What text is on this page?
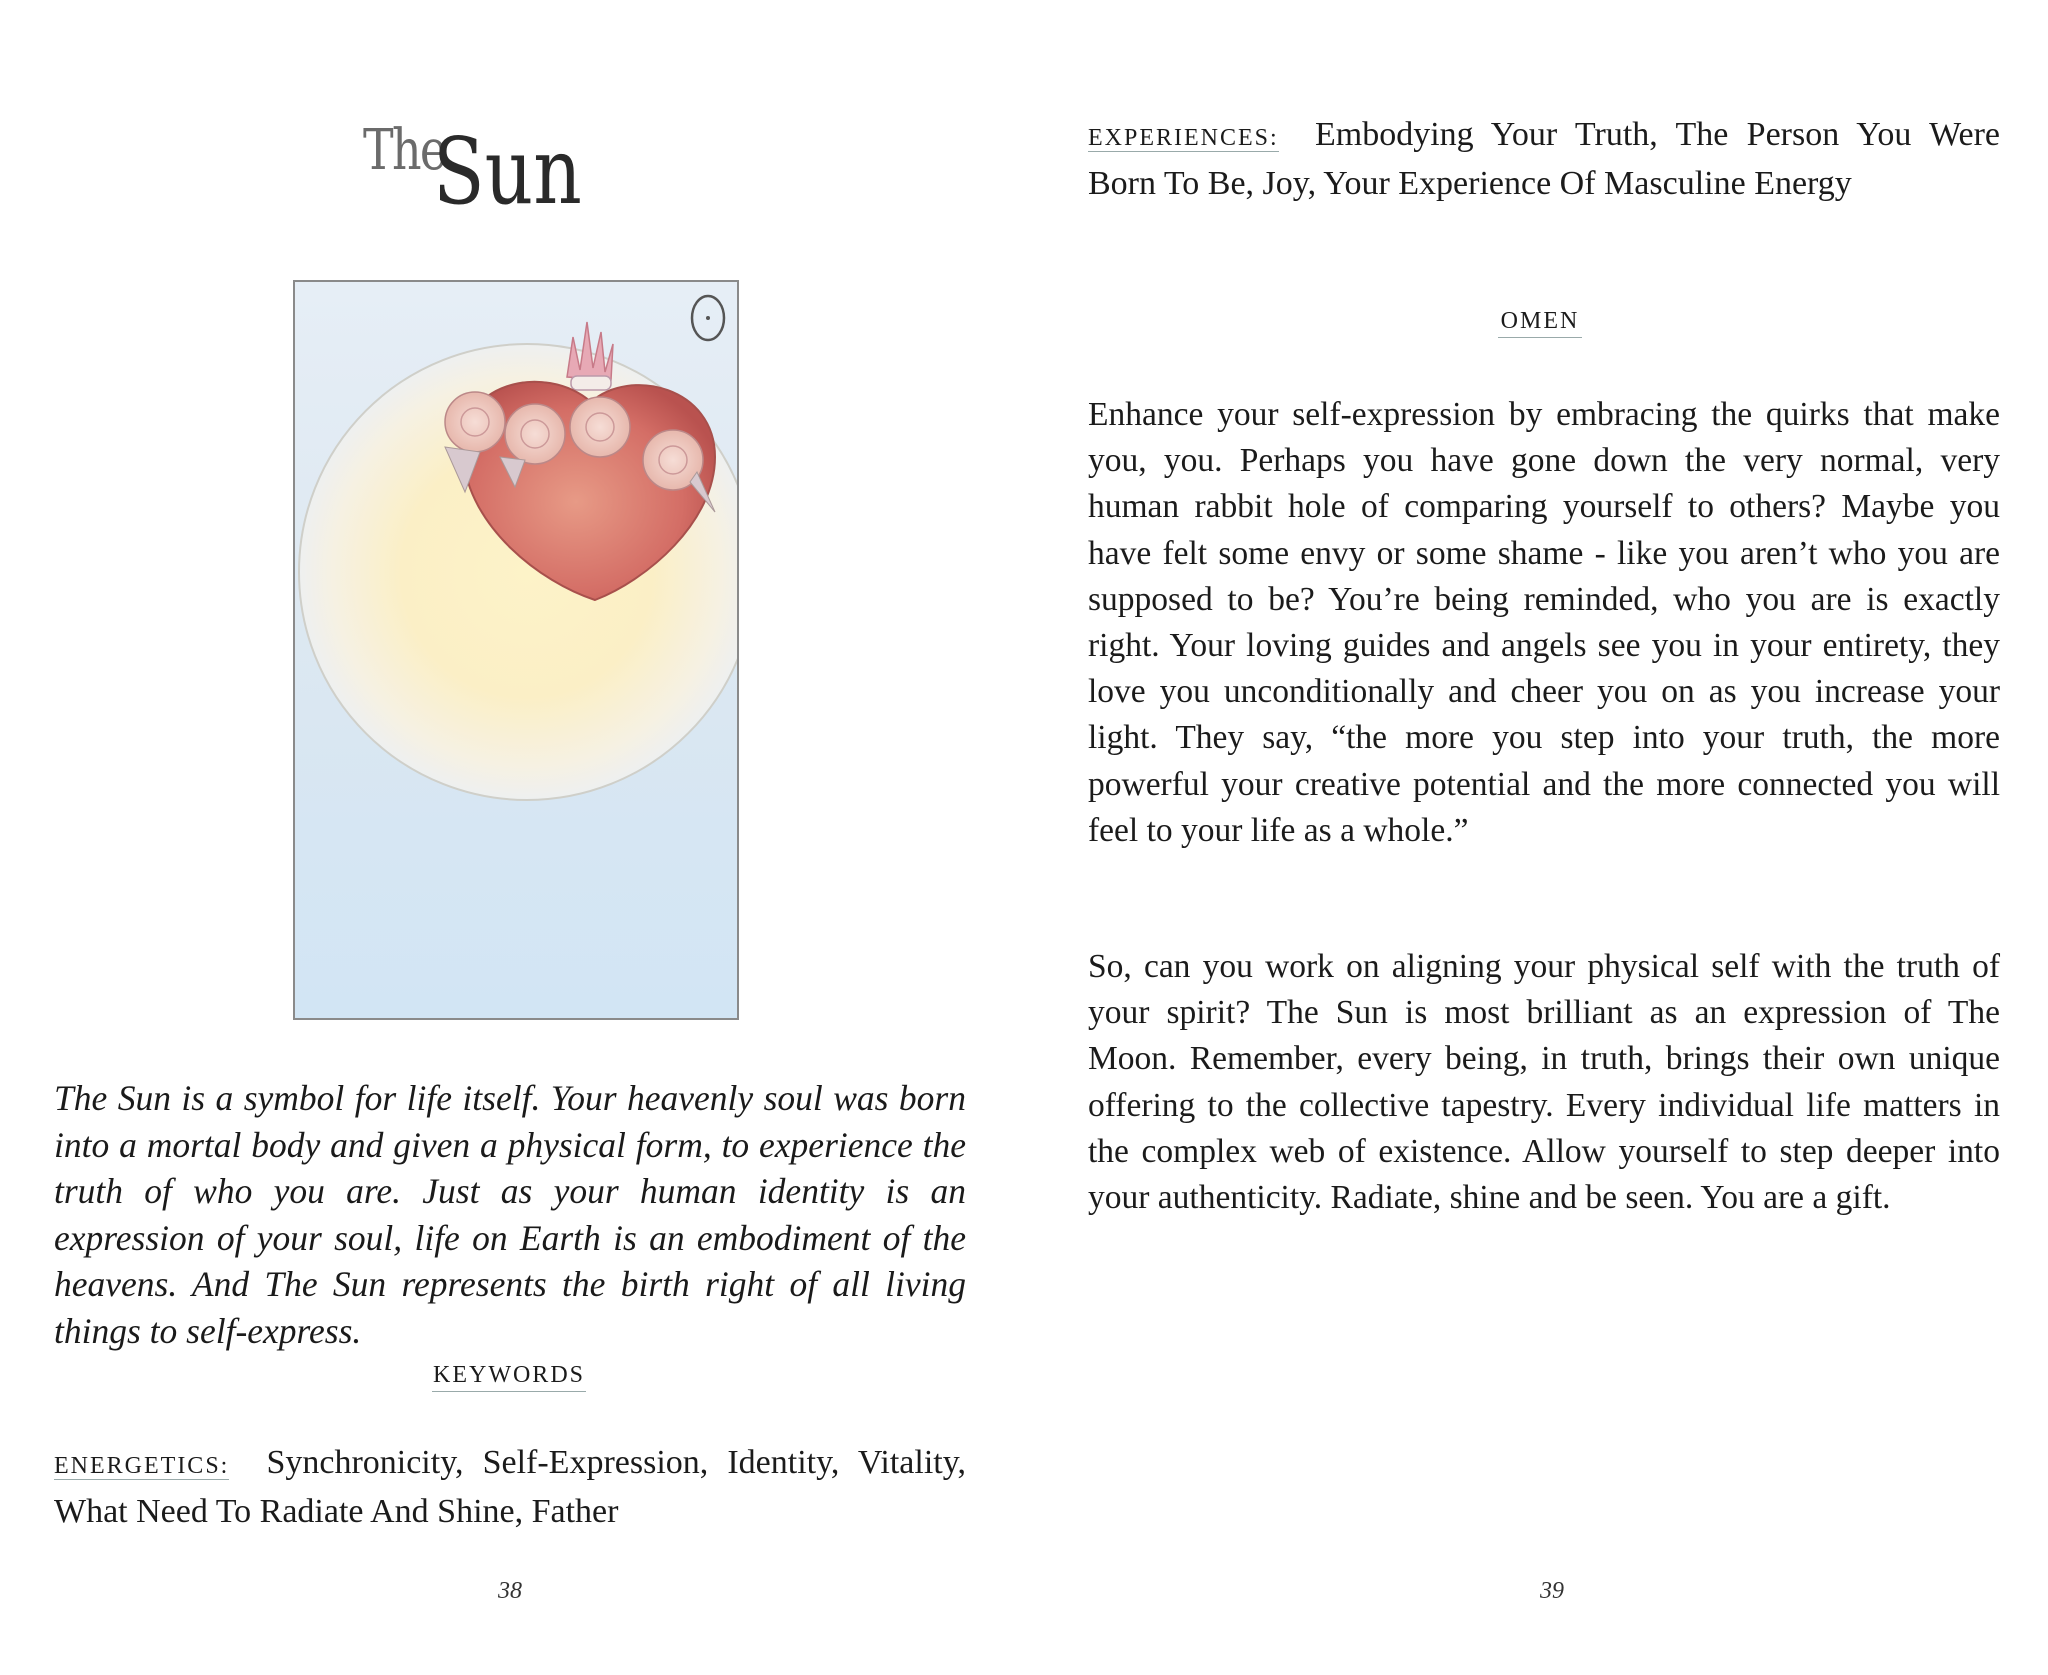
The
Sun
The Sun is a symbol for life itself. Your heavenly soul was born into a mortal body and given a physical form, to experience the truth of who you are. Just as your human identity is an expression of your soul, life on Earth is an embodiment of the heavens. And The Sun represents the birth right of all living things to self-express.
KEYWORDS
ENERGETICS: Synchronicity, Self-Expression, Identity, Vitality, What Need To Radiate And Shine, Father
38
EXPERIENCES: Embodying Your Truth, The Person You Were Born To Be, Joy, Your Experience Of Masculine Energy
OMEN
Enhance your self-expression by embracing the quirks that make you, you. Perhaps you have gone down the very normal, very human rabbit hole of comparing yourself to others? Maybe you have felt some envy or some shame - like you aren’t who you are supposed to be? You’re being reminded, who you are is exactly right. Your loving guides and angels see you in your entirety, they love you unconditionally and cheer you on as you increase your light. They say, “the more you step into your truth, the more powerful your creative potential and the more connected you will feel to your life as a whole.”
So, can you work on aligning your physical self with the truth of your spirit? The Sun is most brilliant as an expression of The Moon. Remember, every being, in truth, brings their own unique offering to the collective tapestry. Every individual life matters in the complex web of existence. Allow yourself to step deeper into your authenticity. Radiate, shine and be seen. You are a gift.
39
